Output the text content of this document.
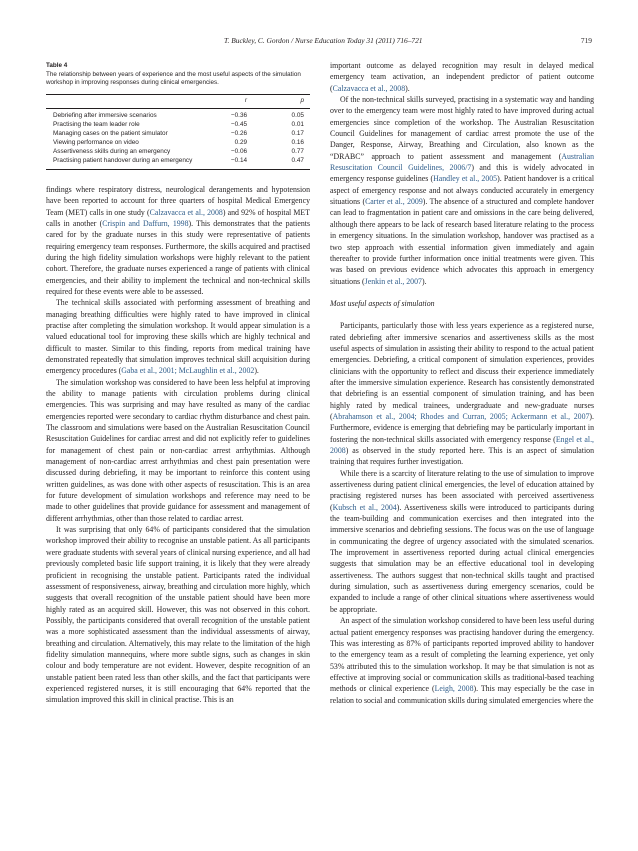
T. Buckley, C. Gordon / Nurse Education Today 31 (2011) 716–721	719
Table 4
The relationship between years of experience and the most useful aspects of the simulation workshop in improving responses during clinical emergencies.
	r	p
Debriefing after immersive scenarios	−0.36	0.05
Practising the team leader role	−0.45	0.01
Managing cases on the patient simulator	−0.26	0.17
Viewing performance on video	0.29	0.16
Assertiveness skills during an emergency	−0.06	0.77
Practising patient handover during an emergency	−0.14	0.47

findings where respiratory distress, neurological derangements and hypotension have been reported to account for three quarters of hospital Medical Emergency Team (MET) calls in one study (Calzavacca et al., 2008) and 92% of hospital MET calls in another (Crispin and Daffurn, 1998). This demonstrates that the patients cared for by the graduate nurses in this study were representative of patients requiring emergency team responses. Furthermore, the skills acquired and practised during the high fidelity simulation workshops were highly relevant to the patient cohort. Therefore, the graduate nurses experienced a range of patients with clinical emergencies, and their ability to implement the technical and non-technical skills required for these events were able to be assessed.

The technical skills associated with performing assessment of breathing and managing breathing difficulties were highly rated to have improved in clinical practise after completing the simulation workshop. It would appear simulation is a valued educational tool for improving these skills which are highly technical and difficult to master. Similar to this finding, reports from medical training have demonstrated repeatedly that simulation improves technical skill acquisition during emergency procedures (Gaba et al., 2001; McLaughlin et al., 2002).

The simulation workshop was considered to have been less helpful at improving the ability to manage patients with circulation problems during clinical emergencies. This was surprising and may have resulted as many of the cardiac emergencies reported were secondary to cardiac rhythm disturbance and chest pain. The classroom and simulations were based on the Australian Resuscitation Council Resuscitation Guidelines for cardiac arrest and did not explicitly refer to guidelines for management of chest pain or non-cardiac arrest arrhythmias. Although management of non-cardiac arrest arrhythmias and chest pain presentation were discussed during debriefing, it may be important to reinforce this content using written guidelines, as was done with other aspects of resuscitation. This is an area for future development of simulation workshops and reference may need to be made to other guidelines that provide guidance for assessment and management of different arrhythmias, other than those related to cardiac arrest.

It was surprising that only 64% of participants considered that the simulation workshop improved their ability to recognise an unstable patient. As all participants were graduate students with several years of clinical nursing experience, and all had previously completed basic life support training, it is likely that they were already proficient in recognising the unstable patient. Participants rated the individual assessment of responsiveness, airway, breathing and circulation more highly, which suggests that overall recognition of the unstable patient should have been more highly rated as an acquired skill. However, this was not observed in this cohort. Possibly, the participants considered that overall recognition of the unstable patient was a more sophisticated assessment than the individual assessments of airway, breathing and circulation. Alternatively, this may relate to the limitation of the high fidelity simulation mannequins, where more subtle signs, such as changes in skin colour and body temperature are not evident. However, despite recognition of an unstable patient been rated less than other skills, and the fact that participants were experienced registered nurses, it is still encouraging that 64% reported that the simulation improved this skill in clinical practise. This is an

important outcome as delayed recognition may result in delayed medical emergency team activation, an independent predictor of patient outcome (Calzavacca et al., 2008).

Of the non-technical skills surveyed, practising in a systematic way and handing over to the emergency team were most highly rated to have improved during actual emergencies since completion of the workshop. The Australian Resuscitation Council Guidelines for management of cardiac arrest promote the use of the Danger, Response, Airway, Breathing and Circulation, also known as the “DRABC” approach to patient assessment and management (Australian Resuscitation Council Guidelines, 2006/7) and this is widely advocated in emergency response guidelines (Handley et al., 2005). Patient handover is a critical aspect of emergency response and not always conducted accurately in emergency situations (Carter et al., 2009). The absence of a structured and complete handover can lead to fragmentation in patient care and omissions in the care being delivered, although there appears to be lack of research based literature relating to the process in emergency situations. In the simulation workshop, handover was practised as a two step approach with essential information given immediately and again thereafter to provide further information once initial treatments were given. This was based on previous evidence which advocates this approach in emergency situations (Jenkin et al., 2007).

Most useful aspects of simulation

Participants, particularly those with less years experience as a registered nurse, rated debriefing after immersive scenarios and assertiveness skills as the most useful aspects of simulation in assisting their ability to respond to the actual patient emergencies. Debriefing, a critical component of simulation experiences, provides clinicians with the opportunity to reflect and discuss their experience immediately after the immersive simulation experience. Research has consistently demonstrated that debriefing is an essential component of simulation training, and has been highly rated by medical trainees, undergraduate and new-graduate nurses (Abrahamson et al., 2004; Rhodes and Curran, 2005; Ackermann et al., 2007). Furthermore, evidence is emerging that debriefing may be particularly important in fostering the non-technical skills associated with emergency response (Engel et al., 2008) as observed in the study reported here. This is an aspect of simulation training that requires further investigation.

While there is a scarcity of literature relating to the use of simulation to improve assertiveness during patient clinical emergencies, the level of education attained by practising registered nurses has been associated with perceived assertiveness (Kubsch et al., 2004). Assertiveness skills were introduced to participants during the team-building and communication exercises and then integrated into the immersive scenarios and debriefing sessions. The focus was on the use of language in communicating the degree of urgency associated with the simulated scenarios. The improvement in assertiveness reported during actual clinical emergencies suggests that simulation may be an effective educational tool in developing assertiveness. The authors suggest that non-technical skills taught and practised during simulation, such as assertiveness during emergency scenarios, could be expanded to include a range of other clinical situations where assertiveness would be appropriate.

An aspect of the simulation workshop considered to have been less useful during actual patient emergency responses was practising handover during the emergency. This was interesting as 87% of participants reported improved ability to handover to the emergency team as a result of completing the learning experience, yet only 53% attributed this to the simulation workshop. It may be that simulation is not as effective at improving social or communication skills as traditional-based teaching methods or clinical experience (Leigh, 2008). This may especially be the case in relation to social and communication skills during simulated emergencies where the
